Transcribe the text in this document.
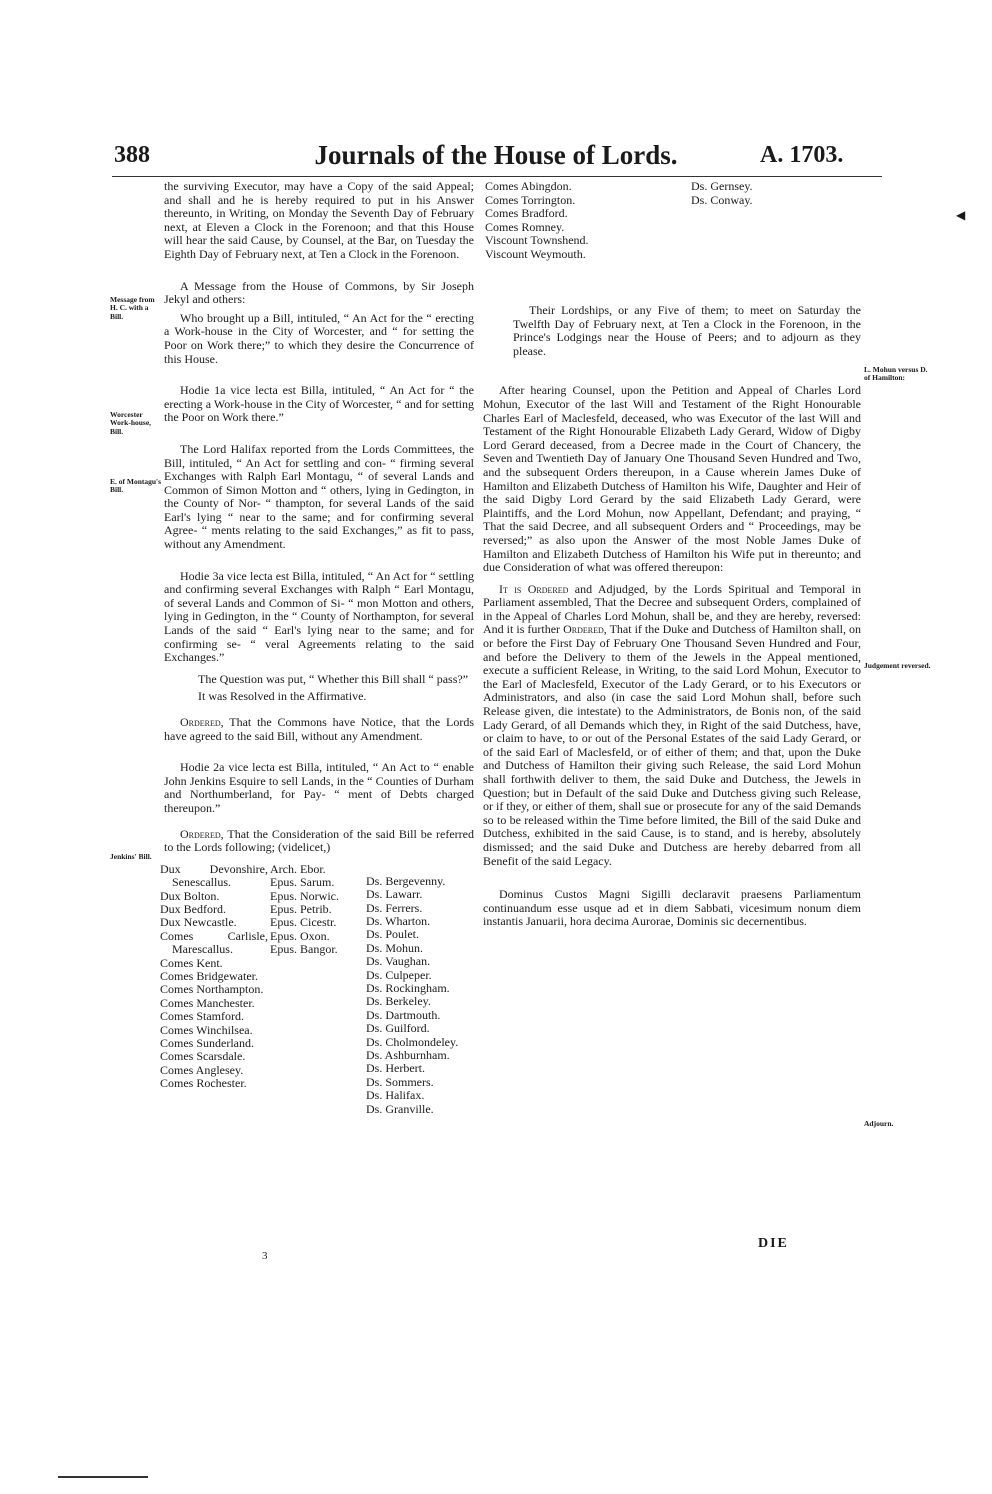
388	Journals of the House of Lords.	A. 1703.
◀
Message from H. C. with a Bill.
Worcester Work-house, Bill.
E. of Montagu's Bill.
Jenkins' Bill.
L. Mohun versus D. of Hamilton:
Judgement reversed.
Adjourn.

the surviving Executor, may have a Copy of the said Appeal; and shall and he is hereby required to put in his Answer thereunto, in Writing, on Monday the Seventh Day of February next, at Eleven a Clock in the Forenoon; and that this House will hear the said Cause, by Counsel, at the Bar, on Tuesday the Eighth Day of February next, at Ten a Clock in the Forenoon.

A Message from the House of Commons, by Sir Joseph Jekyl and others:

Who brought up a Bill, intituled, “ An Act for the “ erecting a Work-house in the City of Worcester, and “ for setting the Poor on Work there;” to which they desire the Concurrence of this House.

Hodie 1a vice lecta est Billa, intituled, “ An Act for “ the erecting a Work-house in the City of Worcester, “ and for setting the Poor on Work there.”

The Lord Halifax reported from the Lords Committees, the Bill, intituled, “ An Act for settling and con- “ firming several Exchanges with Ralph Earl Montagu, “ of several Lands and Common of Simon Motton and “ others, lying in Gedington, in the County of Nor- “ thampton, for several Lands of the said Earl's lying “ near to the same; and for confirming several Agree- “ ments relating to the said Exchanges,” as fit to pass, without any Amendment.

Hodie 3a vice lecta est Billa, intituled, “ An Act for “ settling and confirming several Exchanges with Ralph “ Earl Montagu, of several Lands and Common of Si- “ mon Motton and others, lying in Gedington, in the “ County of Northampton, for several Lands of the said “ Earl's lying near to the same; and for confirming se- “ veral Agreements relating to the said Exchanges.”

The Question was put, “ Whether this Bill shall “ pass?”

It was Resolved in the Affirmative.

Ordered, That the Commons have Notice, that the Lords have agreed to the said Bill, without any Amendment.

Hodie 2a vice lecta est Billa, intituled, “ An Act to “ enable John Jenkins Esquire to sell Lands, in the “ Counties of Durham and Northumberland, for Pay- “ ment of Debts charged thereupon.”

Ordered, That the Consideration of the said Bill be referred to the Lords following; (videlicet,)

Dux Devonshire, Senescallus.
Dux Bolton.
Dux Bedford.
Dux Newcastle.
Comes Carlisle, Marescallus.
Comes Kent.
Comes Bridgewater.
Comes Northampton.
Comes Manchester.
Comes Stamford.
Comes Winchilsea.
Comes Sunderland.
Comes Scarsdale.
Comes Anglesey.
Comes Rochester.
Arch. Ebor.
Epus. Sarum.
Epus. Norwic.
Epus. Petrib.
Epus. Cicestr.
Epus. Oxon.
Epus. Bangor.
Ds. Bergevenny.
Ds. Lawarr.
Ds. Ferrers.
Ds. Wharton.
Ds. Poulet.
Ds. Mohun.
Ds. Vaughan.
Ds. Culpeper.
Ds. Rockingham.
Ds. Berkeley.
Ds. Dartmouth.
Ds. Guilford.
Ds. Cholmondeley.
Ds. Ashburnham.
Ds. Herbert.
Ds. Sommers.
Ds. Halifax.
Ds. Granville.
3
Comes Abingdon.
Comes Torrington.
Comes Bradford.
Comes Romney.
Viscount Townshend.
Viscount Weymouth.
Ds. Gernsey.
Ds. Conway.

Their Lordships, or any Five of them; to meet on Saturday the Twelfth Day of February next, at Ten a Clock in the Forenoon, in the Prince's Lodgings near the House of Peers; and to adjourn as they please.

After hearing Counsel, upon the Petition and Appeal of Charles Lord Mohun, Executor of the last Will and Testament of the Right Honourable Charles Earl of Maclesfeld, deceased, who was Executor of the last Will and Testament of the Right Honourable Elizabeth Lady Gerard, Widow of Digby Lord Gerard deceased, from a Decree made in the Court of Chancery, the Seven and Twentieth Day of January One Thousand Seven Hundred and Two, and the subsequent Orders thereupon, in a Cause wherein James Duke of Hamilton and Elizabeth Dutchess of Hamilton his Wife, Daughter and Heir of the said Digby Lord Gerard by the said Elizabeth Lady Gerard, were Plaintiffs, and the Lord Mohun, now Appellant, Defendant; and praying, “ That the said Decree, and all subsequent Orders and “ Proceedings, may be reversed;” as also upon the Answer of the most Noble James Duke of Hamilton and Elizabeth Dutchess of Hamilton his Wife put in thereunto; and due Consideration of what was offered thereupon:

It is Ordered and Adjudged, by the Lords Spiritual and Temporal in Parliament assembled, That the Decree and subsequent Orders, complained of in the Appeal of Charles Lord Mohun, shall be, and they are hereby, reversed: And it is further Ordered, That if the Duke and Dutchess of Hamilton shall, on or before the First Day of February One Thousand Seven Hundred and Four, and before the Delivery to them of the Jewels in the Appeal mentioned, execute a sufficient Release, in Writing, to the said Lord Mohun, Executor to the Earl of Maclesfeld, Executor of the Lady Gerard, or to his Executors or Administrators, and also (in case the said Lord Mohun shall, before such Release given, die intestate) to the Administrators, de Bonis non, of the said Lady Gerard, of all Demands which they, in Right of the said Dutchess, have, or claim to have, to or out of the Personal Estates of the said Lady Gerard, or of the said Earl of Maclesfeld, or of either of them; and that, upon the Duke and Dutchess of Hamilton their giving such Release, the said Lord Mohun shall forthwith deliver to them, the said Duke and Dutchess, the Jewels in Question; but in Default of the said Duke and Dutchess giving such Release, or if they, or either of them, shall sue or prosecute for any of the said Demands so to be released within the Time before limited, the Bill of the said Duke and Dutchess, exhibited in the said Cause, is to stand, and is hereby, absolutely dismissed; and the said Duke and Dutchess are hereby debarred from all Benefit of the said Legacy.

Dominus Custos Magni Sigilli declaravit praesens Parliamentum continuandum esse usque ad et in diem Sabbati, vicesimum nonum diem instantis Januarii, hora decima Aurorae, Dominis sic decernentibus.

DIE
